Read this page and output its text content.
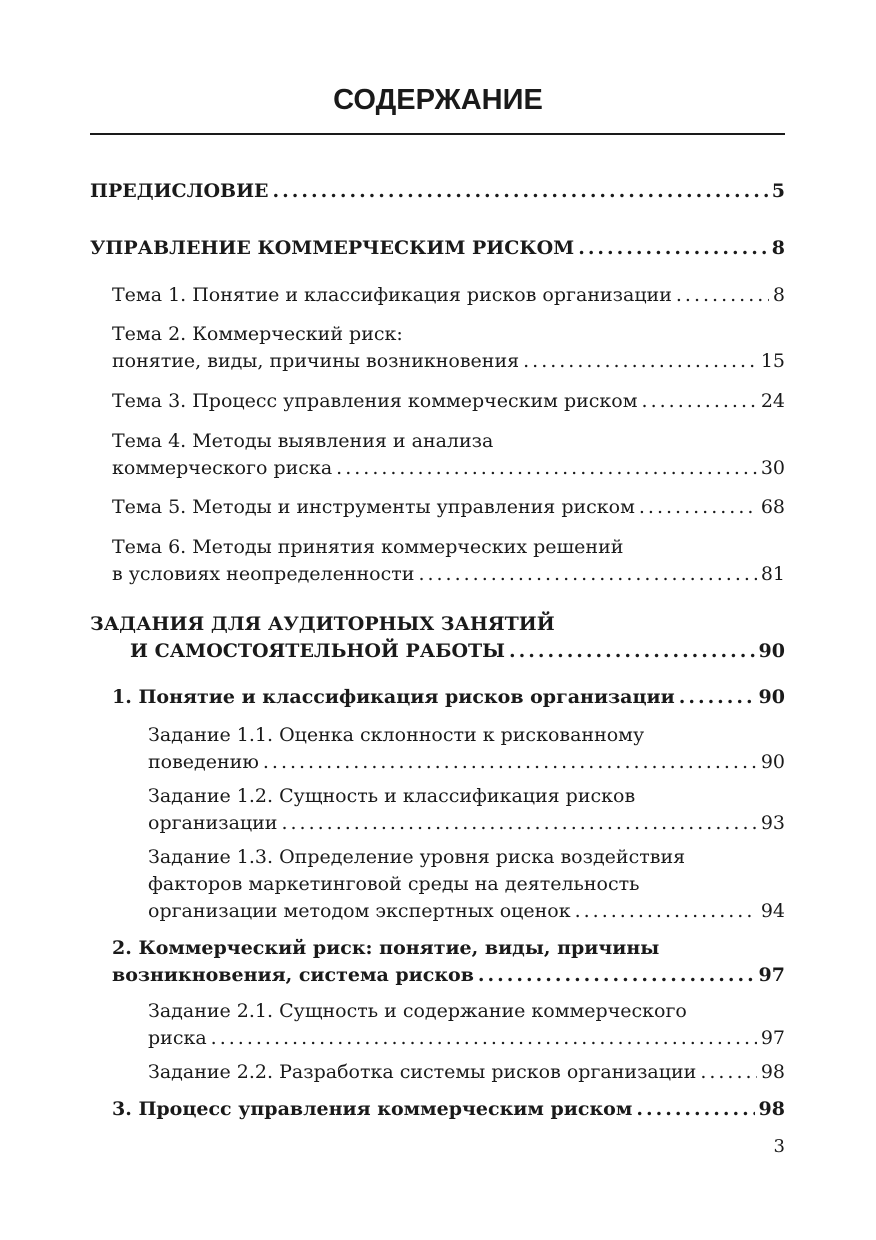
СОДЕРЖАНИЕ
ПРЕДИСЛОВИЕ .....	5
УПРАВЛЕНИЕ КОММЕРЧЕСКИМ РИСКОМ .....	8
Тема 1. Понятие и классификация рисков организации .....	8
Тема 2. Коммерческий риск:
понятие, виды, причины возникновения .....	15
Тема 3. Процесс управления коммерческим риском .....	24
Тема 4. Методы выявления и анализа
коммерческого риска .....	30
Тема 5. Методы и инструменты управления риском .....	68
Тема 6. Методы принятия коммерческих решений
в условиях неопределенности .....	81
ЗАДАНИЯ ДЛЯ АУДИТОРНЫХ ЗАНЯТИЙ
И САМОСТОЯТЕЛЬНОЙ РАБОТЫ .....	90
1. Понятие и классификация рисков организации .....	90
Задание 1.1. Оценка склонности к рискованному
поведению .....	90
Задание 1.2. Сущность и классификация рисков
организации .....	93
Задание 1.3. Определение уровня риска воздействия
факторов маркетинговой среды на деятельность
организации методом экспертных оценок .....	94
2. Коммерческий риск: понятие, виды, причины
возникновения, система рисков .....	97
Задание 2.1. Сущность и содержание коммерческого
риска .....	97
Задание 2.2. Разработка системы рисков организации .....	98
3. Процесс управления коммерческим риском .....	98
3
